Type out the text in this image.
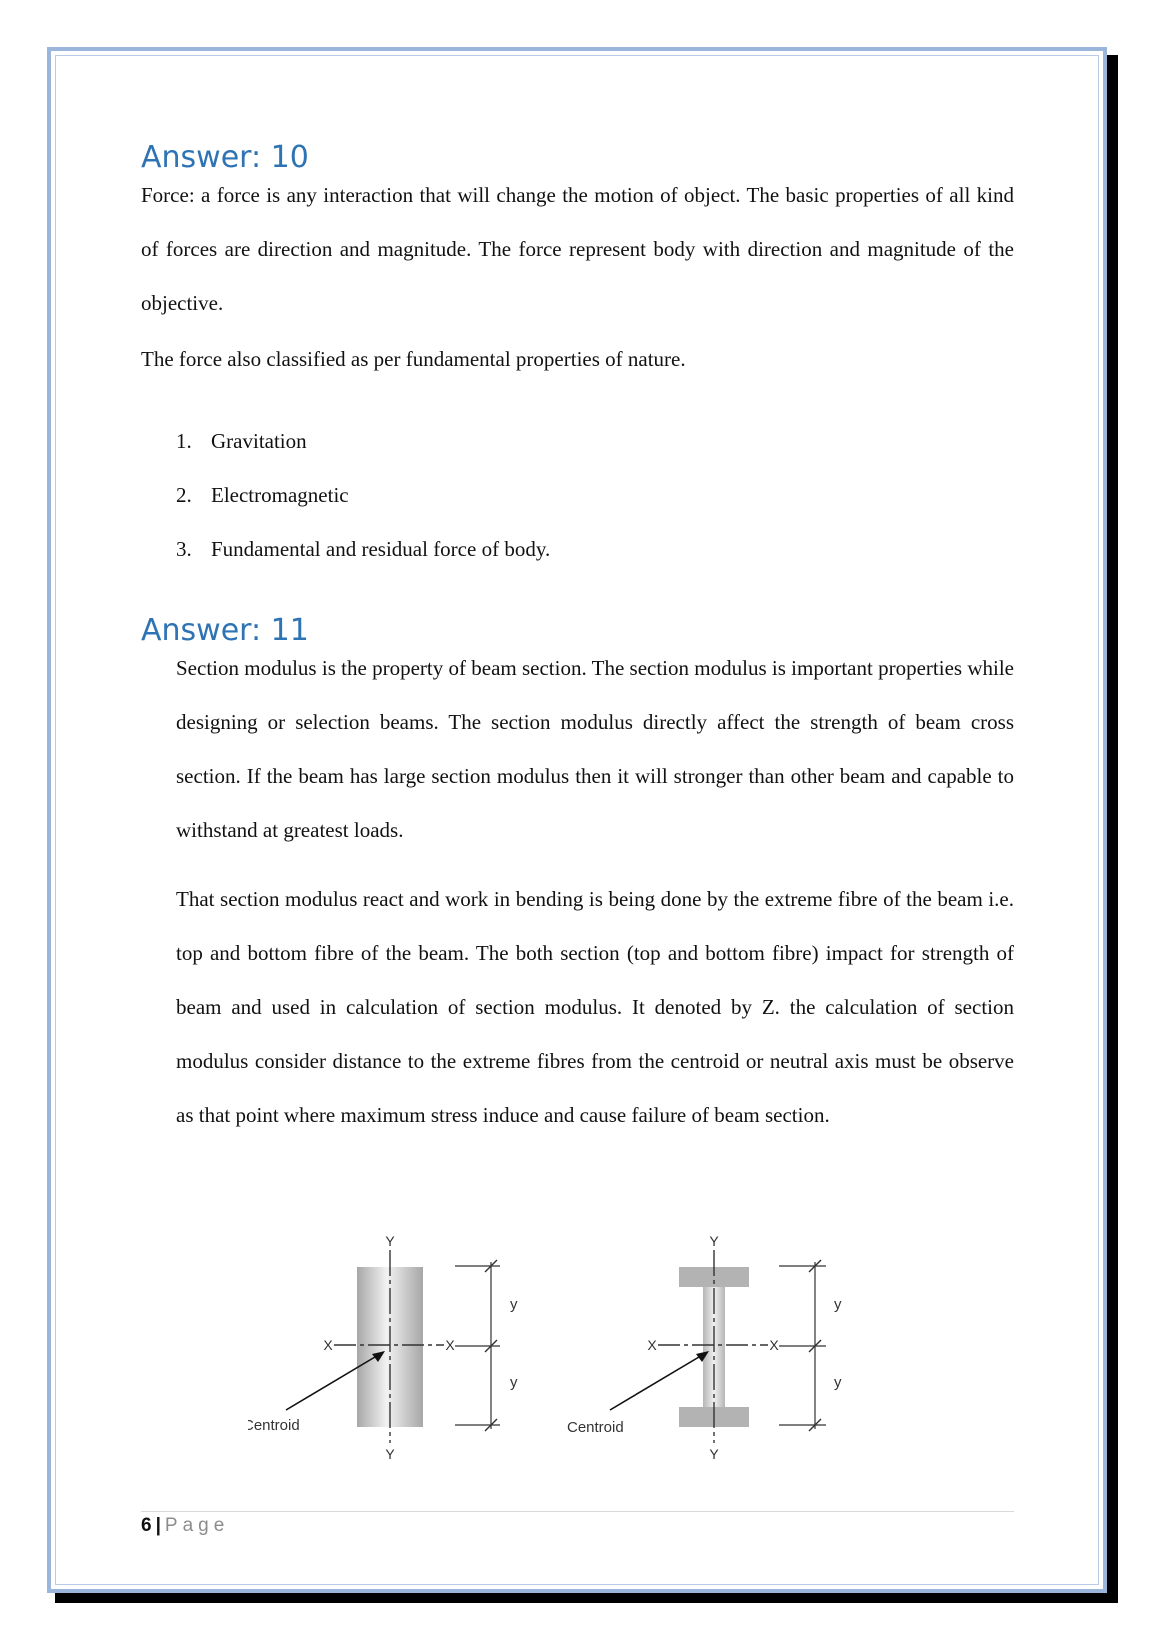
Answer: 10

Force: a force is any interaction that will change the motion of object. The basic properties of all kind of forces are direction and magnitude. The force represent body with direction and magnitude of the objective.

The force also classified as per fundamental properties of nature.

1. Gravitation
2. Electromagnetic
3. Fundamental and residual force of body.
Answer: 11

Section modulus is the property of beam section. The section modulus is important properties while designing or selection beams. The section modulus directly affect the strength of beam cross section. If the beam has large section modulus then it will stronger than other beam and capable to withstand at greatest loads.

That section modulus react and work in bending is being done by the extreme fibre of the beam i.e. top and bottom fibre of the beam. The both section (top and bottom fibre) impact for strength of beam and used in calculation of section modulus. It denoted by Z. the calculation of section modulus consider distance to the extreme fibres from the centroid or neutral axis must be observe as that point where maximum stress induce and cause failure of beam section.

Y
Y
X	X
Centroid
y
y
Y
Y
X	X
Centroid
y
y
6 | Page
